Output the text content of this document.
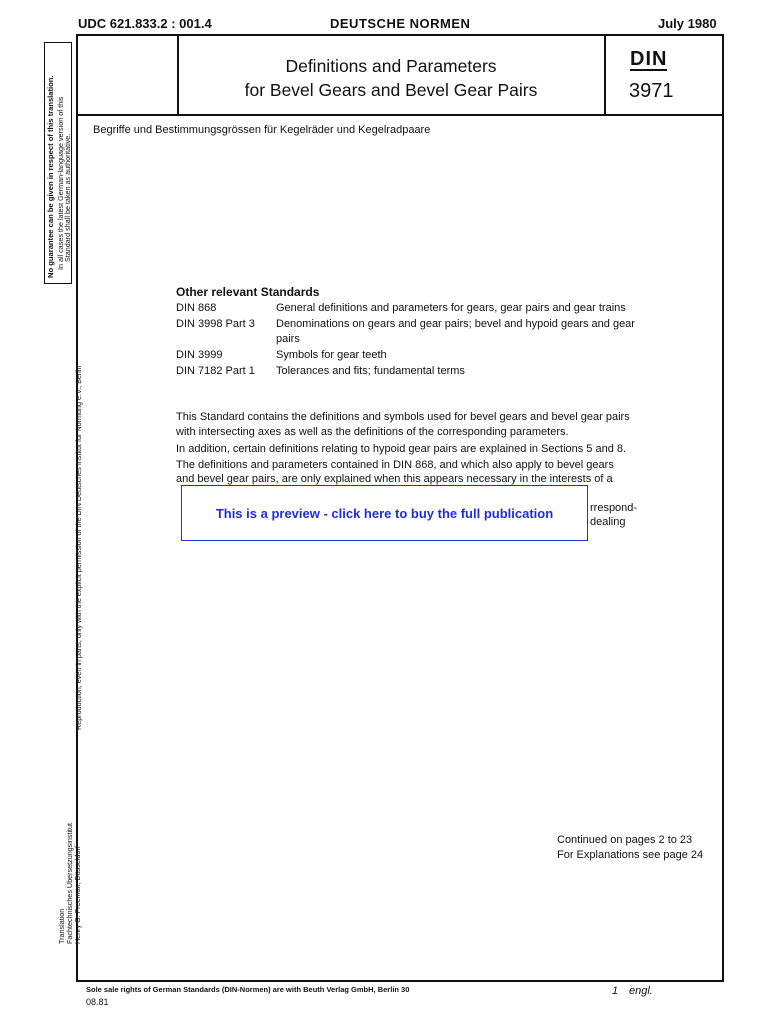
UDC 621.833.2 : 001.4	DEUTSCHE NORMEN	July 1980
Definitions and Parameters
for Bevel Gears and Bevel Gear Pairs
DIN
3971
Begriffe und Bestimmungsgrössen für Kegelräder und Kegelradpaare
Other relevant Standards
DIN 868	General definitions and parameters for gears, gear pairs and gear trains
DIN 3998 Part 3 Denominations on gears and gear pairs; bevel and hypoid gears and gear pairs
DIN 3999	Symbols for gear teeth
DIN 7182 Part 1 Tolerances and fits; fundamental terms
This Standard contains the definitions and symbols used for bevel gears and bevel gear pairs
with intersecting axes as well as the definitions of the corresponding parameters.
In addition, certain definitions relating to hypoid gear pairs are explained in Sections 5 and 8.
The definitions and parameters contained in DIN 868, and which also apply to bevel gears
and bevel gear pairs, are only explained when this appears necessary in the interests of a
rrespond-
dealing
This is a preview - click here to buy the full publication
Continued on pages 2 to 23
For Explanations see page 24
No guarantee can be given in respect of this translation. In all cases the latest German-language version of this
Standard shall be taken as authoritative.
Reproduction, even in parts, only with the explicit permission of the DIN Deutsches Institut für Normung e.V., Berlin
Translation Fachtechnisches Übersetzungsinstitut Henry G. Freeman, Düsseldorf
Sole sale rights of German Standards (DIN-Normen) are with Beuth Verlag GmbH, Berlin 30
08.81
1 engl.
